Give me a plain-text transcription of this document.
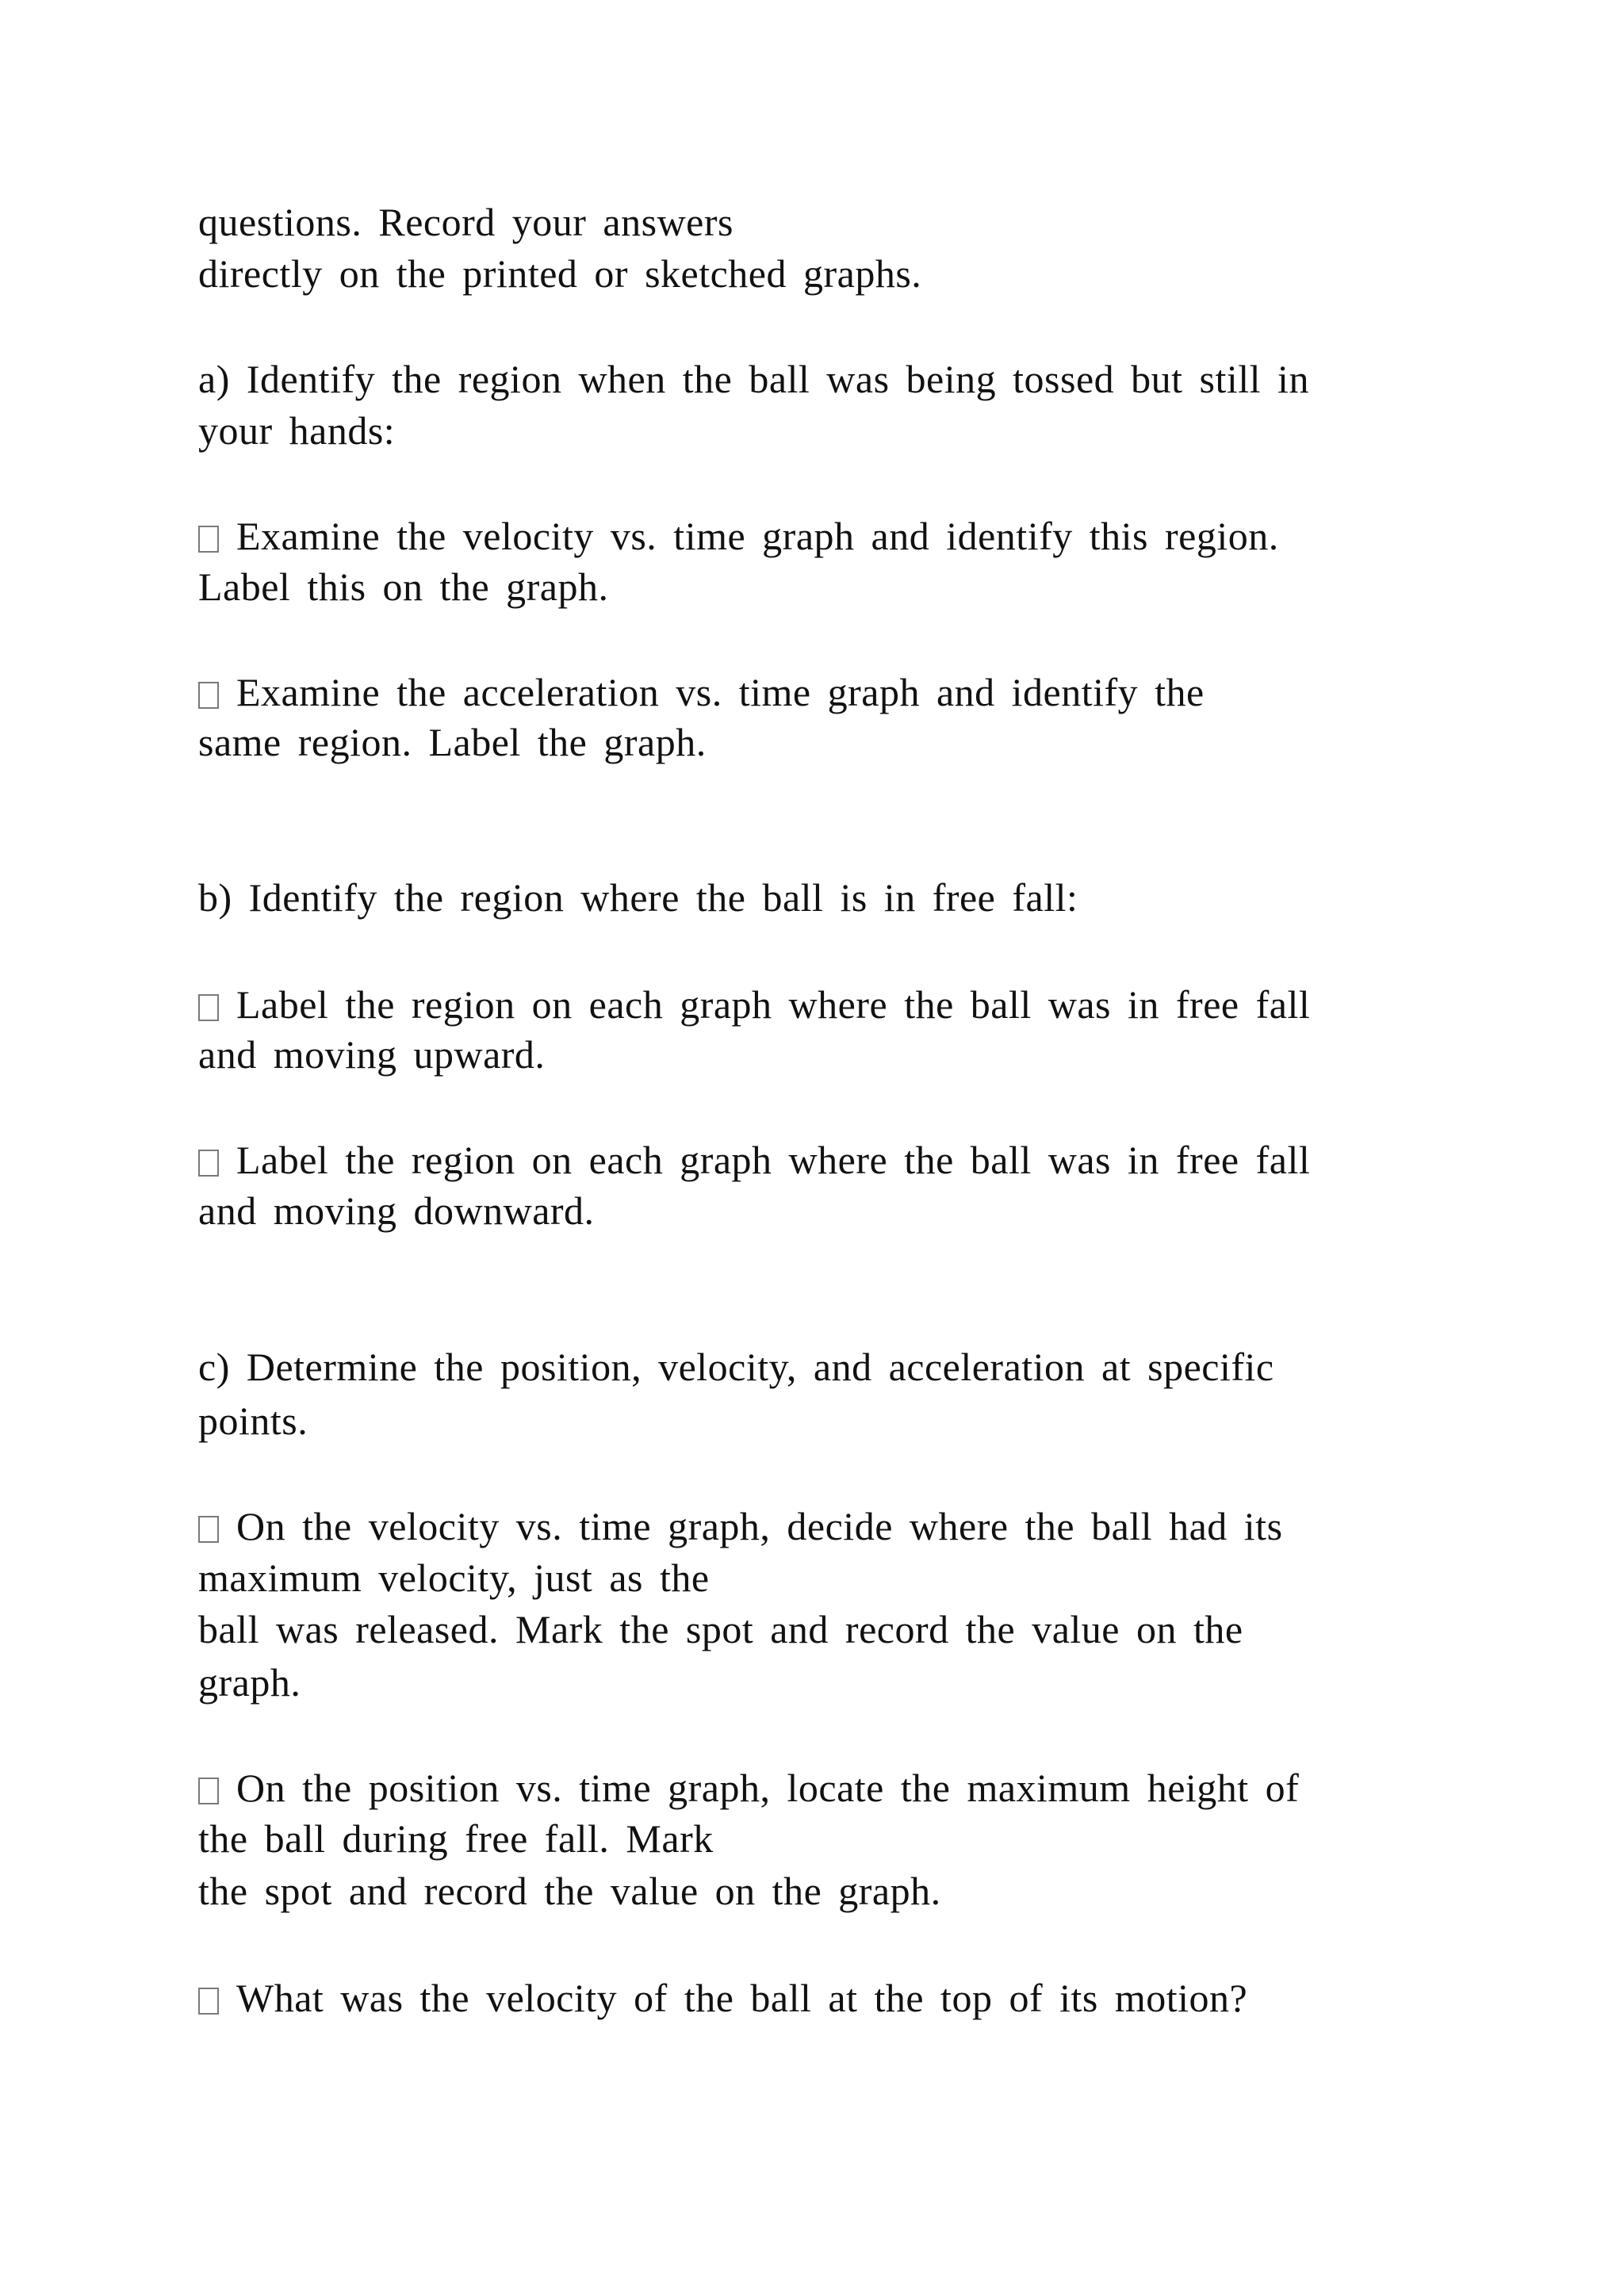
questions. Record your answers

directly on the printed or sketched graphs.

a) Identify the region when the ball was being tossed but still in

your hands:

Examine the velocity vs. time graph and identify this region.

Label this on the graph.

Examine the acceleration vs. time graph and identify the

same region. Label the graph.

b) Identify the region where the ball is in free fall:

Label the region on each graph where the ball was in free fall

and moving upward.

Label the region on each graph where the ball was in free fall

and moving downward.

c) Determine the position, velocity, and acceleration at specific

points.

On the velocity vs. time graph, decide where the ball had its

maximum velocity, just as the

ball was released. Mark the spot and record the value on the

graph.

On the position vs. time graph, locate the maximum height of

the ball during free fall. Mark

the spot and record the value on the graph.

What was the velocity of the ball at the top of its motion?
